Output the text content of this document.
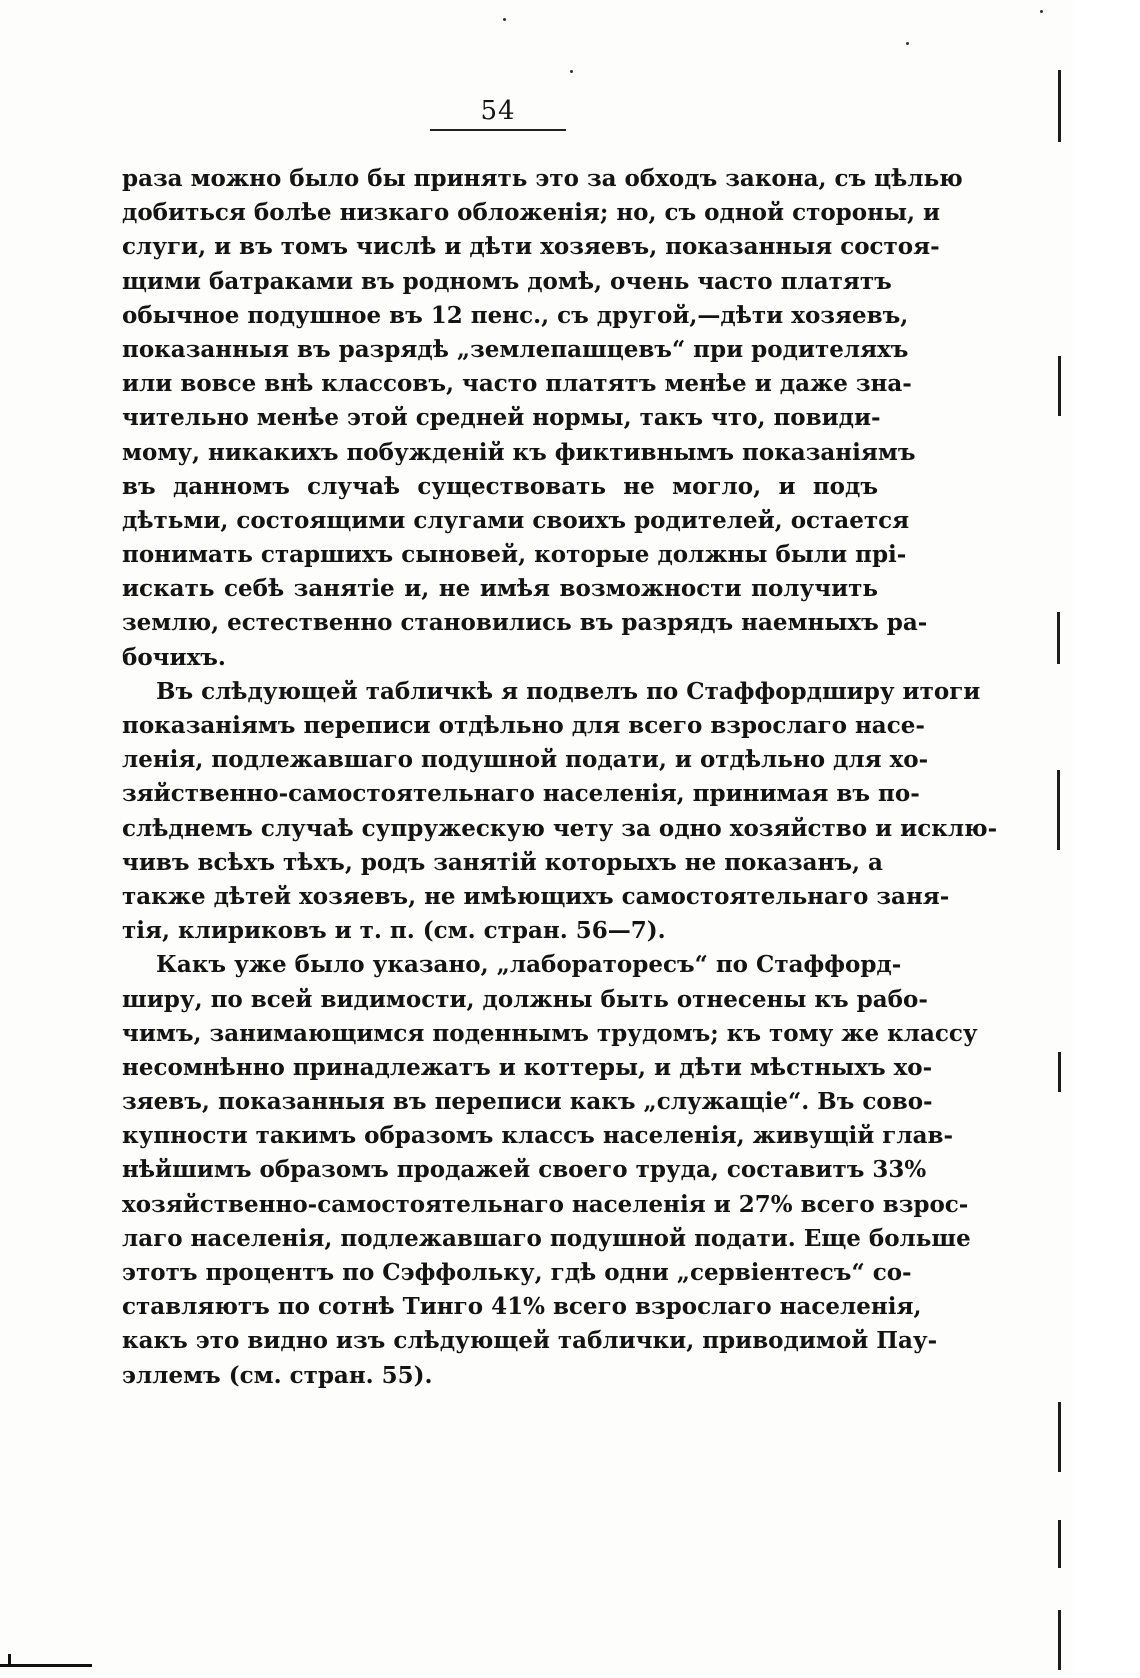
54
раза можно было бы принять это за обходъ закона, съ цѣлью
добиться болѣе низкаго обложенія; но, съ одной стороны, и
слуги, и въ томъ числѣ и дѣти хозяевъ, показанныя состоя-
щими батраками въ родномъ домѣ, очень часто платятъ
обычное подушное въ 12 пенс., съ другой,—дѣти хозяевъ,
показанныя въ разрядѣ „землепашцевъ“ при родителяхъ
или вовсе внѣ классовъ, часто платятъ менѣе и даже зна-
чительно менѣе этой средней нормы, такъ что, повиди-
мому, никакихъ побужденій къ фиктивнымъ показаніямъ
въ данномъ случаѣ существовать не могло, и подъ
дѣтьми, состоящими слугами своихъ родителей, остается
понимать старшихъ сыновей, которые должны были прі-
искать себѣ занятіе и, не имѣя возможности получить
землю, естественно становились въ разрядъ наемныхъ ра-
бочихъ.
Въ слѣдующей табличкѣ я подвелъ по Стаффордширу итоги
показаніямъ переписи отдѣльно для всего взрослаго насе-
ленія, подлежавшаго подушной подати, и отдѣльно для хо-
зяйственно-самостоятельнаго населенія, принимая въ по-
слѣднемъ случаѣ супружескую чету за одно хозяйство и исклю-
чивъ всѣхъ тѣхъ, родъ занятій которыхъ не показанъ, а
также дѣтей хозяевъ, не имѣющихъ самостоятельнаго заня-
тія, клириковъ и т. п. (см. стран. 56—7).
Какъ уже было указано, „лабораторесъ“ по Стаффорд-
ширу, по всей видимости, должны быть отнесены къ рабо-
чимъ, занимающимся поденнымъ трудомъ; къ тому же классу
несомнѣнно принадлежатъ и коттеры, и дѣти мѣстныхъ хо-
зяевъ, показанныя въ переписи какъ „служащіе“. Въ сово-
купности такимъ образомъ классъ населенія, живущій глав-
нѣйшимъ образомъ продажей своего труда, составитъ 33%
хозяйственно-самостоятельнаго населенія и 27% всего взрос-
лаго населенія, подлежавшаго подушной подати. Еще больше
этотъ процентъ по Сэффольку, гдѣ одни „сервіентесъ“ со-
ставляютъ по сотнѣ Тинго 41% всего взрослаго населенія,
какъ это видно изъ слѣдующей таблички, приводимой Пау-
эллемъ (см. стран. 55).
